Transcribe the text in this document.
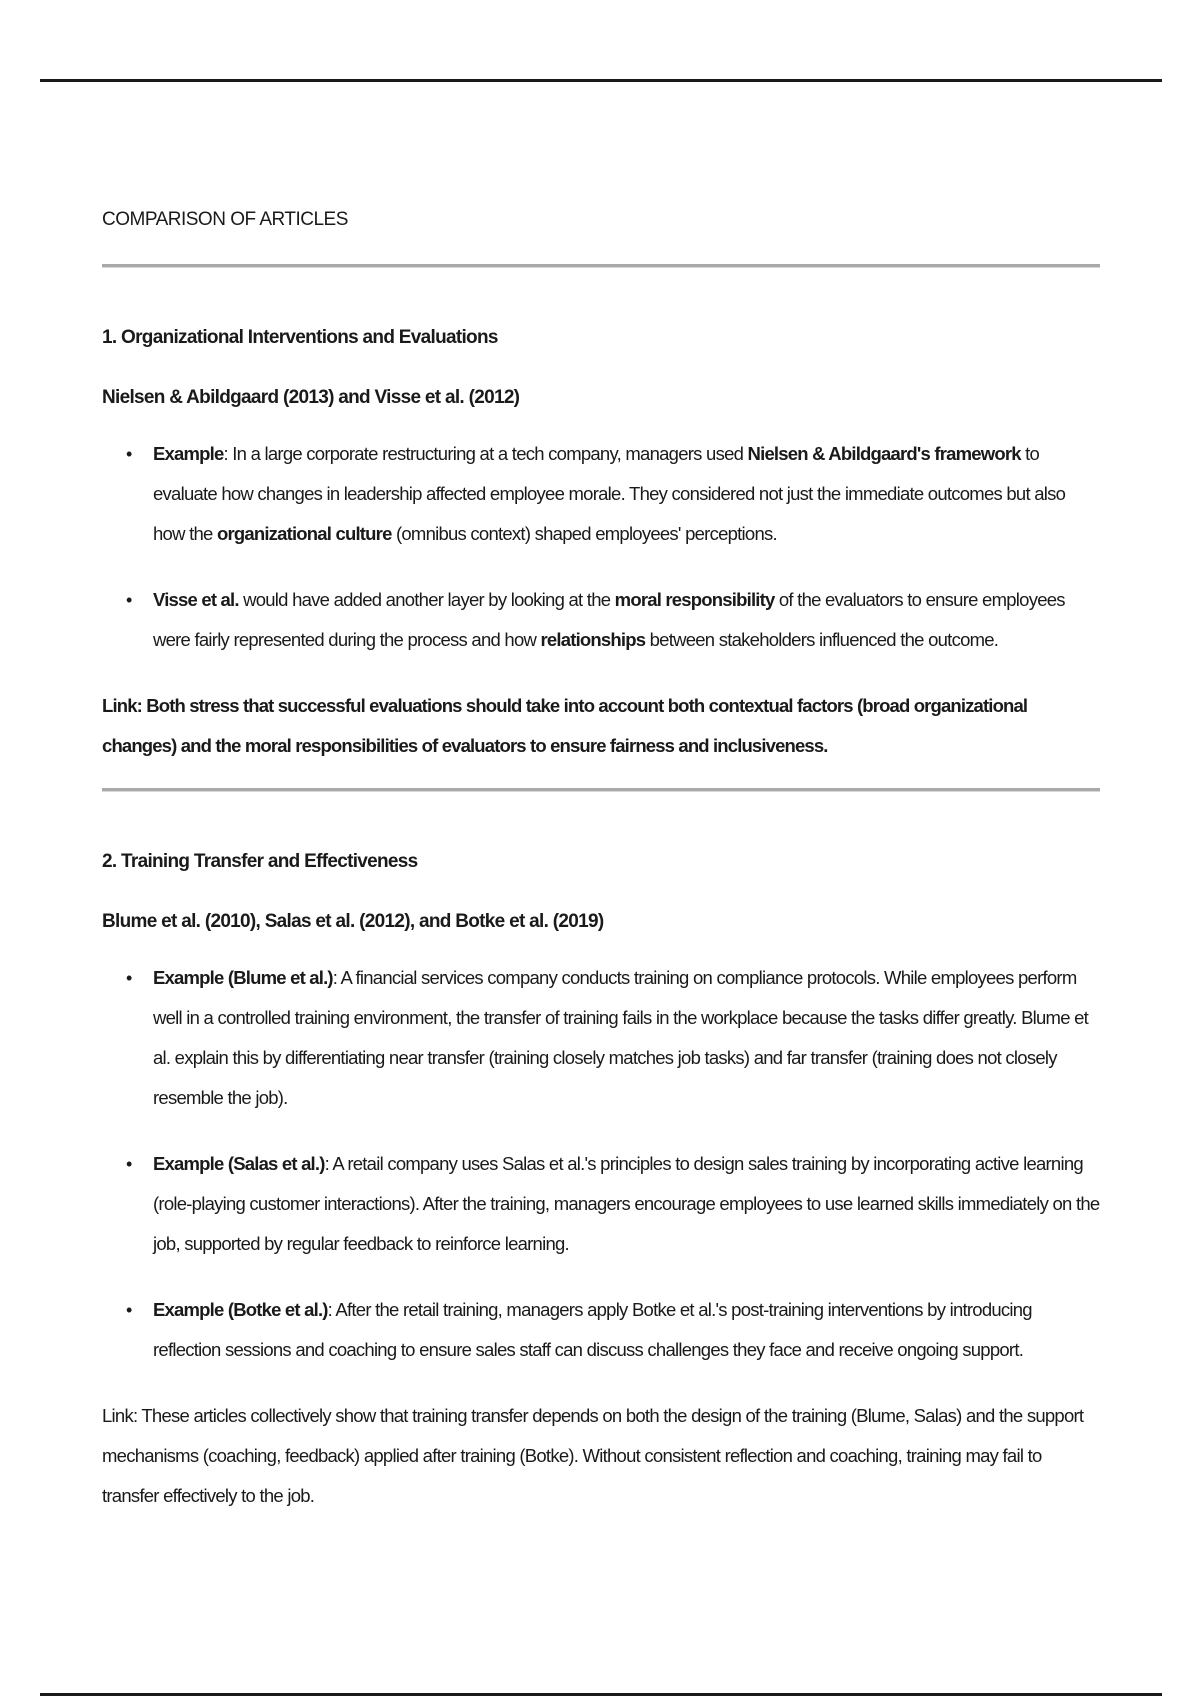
COMPARISON OF ARTICLES
1. Organizational Interventions and Evaluations

Nielsen & Abildgaard (2013) and Visse et al. (2012)

• Example: In a large corporate restructuring at a tech company, managers used Nielsen & Abildgaard's framework to evaluate how changes in leadership affected employee morale. They considered not just the immediate outcomes but also how the organizational culture (omnibus context) shaped employees' perceptions.
• Visse et al. would have added another layer by looking at the moral responsibility of the evaluators to ensure employees were fairly represented during the process and how relationships between stakeholders influenced the outcome.

Link: Both stress that successful evaluations should take into account both contextual factors (broad organizational changes) and the moral responsibilities of evaluators to ensure fairness and inclusiveness.

2. Training Transfer and Effectiveness

Blume et al. (2010), Salas et al. (2012), and Botke et al. (2019)

• Example (Blume et al.): A financial services company conducts training on compliance protocols. While employees perform well in a controlled training environment, the transfer of training fails in the workplace because the tasks differ greatly. Blume et al. explain this by differentiating near transfer (training closely matches job tasks) and far transfer (training does not closely resemble the job).
• Example (Salas et al.): A retail company uses Salas et al.'s principles to design sales training by incorporating active learning (role-playing customer interactions). After the training, managers encourage employees to use learned skills immediately on the job, supported by regular feedback to reinforce learning.
• Example (Botke et al.): After the retail training, managers apply Botke et al.'s post-training interventions by introducing reflection sessions and coaching to ensure sales staff can discuss challenges they face and receive ongoing support.

Link: These articles collectively show that training transfer depends on both the design of the training (Blume, Salas) and the support mechanisms (coaching, feedback) applied after training (Botke). Without consistent reflection and coaching, training may fail to transfer effectively to the job.
